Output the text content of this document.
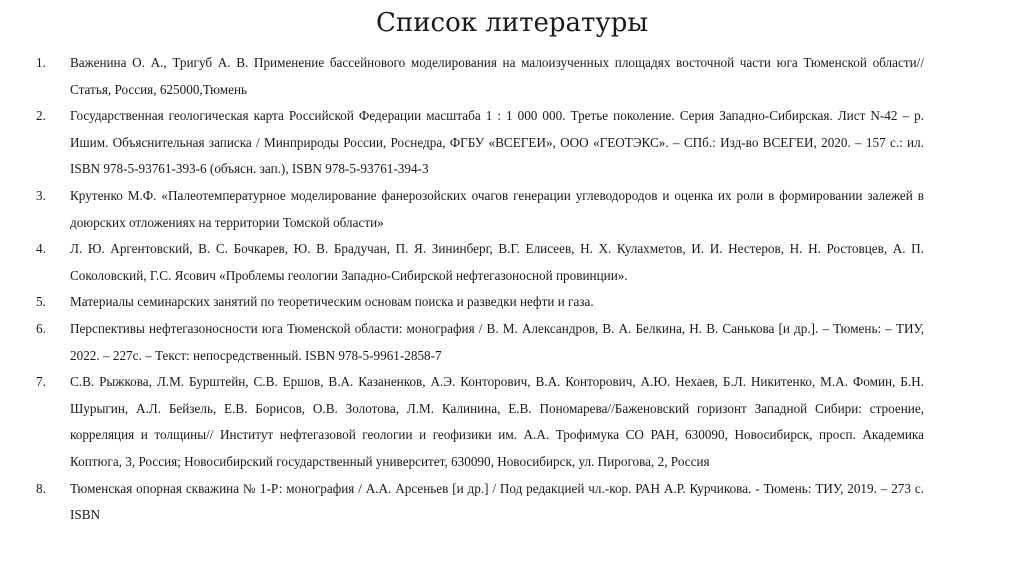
Список литературы
1.	Важенина О. А., Тригуб А. В. Применение бассейнового моделирования на малоизученных площадях восточной части юга Тюменской области//Статья, Россия, 625000,Тюмень
2.	Государственная геологическая карта Российской Федерации масштаба 1 : 1 000 000. Третье поколение. Серия Западно-Сибирская. Лист N-42 – р. Ишим. Объяснительная записка / Минприроды России, Роснедра, ФГБУ «ВСЕГЕИ», ООО «ГЕОТЭКС». – СПб.: Изд-во ВСЕГЕИ, 2020. – 157 с.: ил. ISBN 978-5-93761-393-6 (объясн. зап.), ISBN 978-5-93761-394-3
3.	Крутенко М.Ф. «Палеотемпературное моделирование фанерозойских очагов генерации углеводородов и оценка их роли в формировании залежей в доюрских отложениях на территории Томской области»
4.	Л. Ю. Аргентовский, В. С. Бочкарев, Ю. В. Брадучан, П. Я. Зининберг, В.Г. Елисеев, Н. Х. Кулахметов, И. И. Нестеров, Н. Н. Ростовцев, А. П. Соколовский, Г.С. Ясович «Проблемы геологии Западно-Сибирской нефтегазоносной провинции».
5.	Материалы семинарских занятий по теоретическим основам поиска и разведки нефти и газа.
6.	Перспективы нефтегазоносности юга Тюменской области: монография / В. М. Александров, В. А. Белкина, Н. В. Санькова [и др.]. – Тюмень: – ТИУ, 2022. – 227с. – Текст: непосредственный. ISBN 978-5-9961-2858-7
7.	С.В. Рыжкова, Л.М. Бурштейн, С.В. Ершов, В.А. Казаненков, А.Э. Конторович, В.А. Конторович, А.Ю. Нехаев, Б.Л. Никитенко, М.А. Фомин, Б.Н. Шурыгин, А.Л. Бейзель, Е.В. Борисов, О.В. Золотова, Л.М. Калинина, Е.В. Пономарева//Баженовский горизонт Западной Сибири: строение, корреляция и толщины// Институт нефтегазовой геологии и геофизики им. А.А. Трофимука СО РАН, 630090, Новосибирск, просп. Академика Коптюга, 3, Россия; Новосибирский государственный университет, 630090, Новосибирск, ул. Пирогова, 2, Россия
8.	Тюменская опорная скважина № 1-Р: монография / А.А. Арсеньев [и др.] / Под редакцией чл.-кор. РАН А.Р. Курчикова. - Тюмень: ТИУ, 2019. – 273 с. ISBN
